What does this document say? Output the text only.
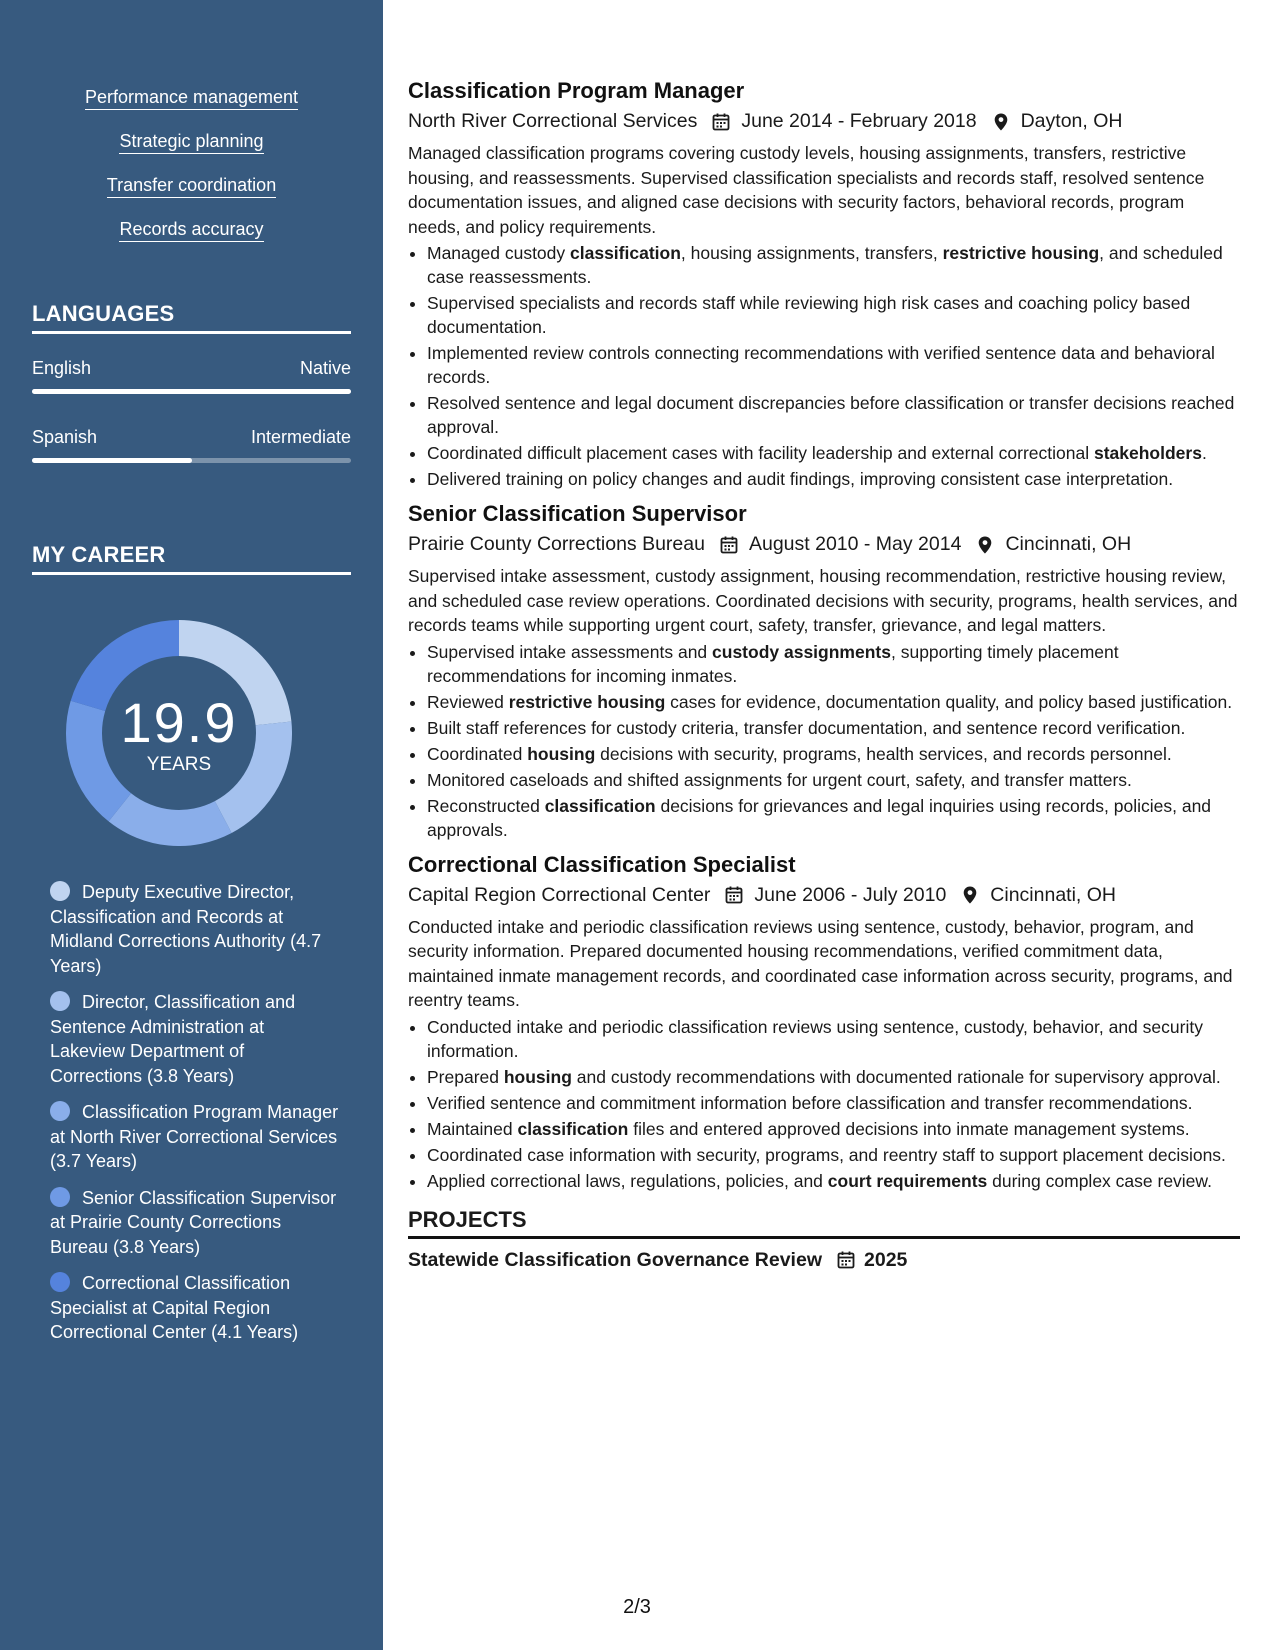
Performance management
Strategic planning
Transfer coordination
Records accuracy
LANGUAGES
English	Native
Spanish	Intermediate
MY CAREER
19.9
YEARS
Deputy Executive Director, Classification and Records at Midland Corrections Authority (4.7 Years)
Director, Classification and Sentence Administration at Lakeview Department of Corrections (3.8 Years)
Classification Program Manager at North River Correctional Services (3.7 Years)
Senior Classification Supervisor at Prairie County Corrections Bureau (3.8 Years)
Correctional Classification Specialist at Capital Region Correctional Center (4.1 Years)
Classification Program Manager
North River Correctional Services June 2014 - February 2018 Dayton, OH
Managed classification programs covering custody levels, housing assignments, transfers, restrictive housing, and reassessments. Supervised classification specialists and records staff, resolved sentence documentation issues, and aligned case decisions with security factors, behavioral records, program needs, and policy requirements.
• Managed custody classification, housing assignments, transfers, restrictive housing, and scheduled case reassessments.
• Supervised specialists and records staff while reviewing high risk cases and coaching policy based documentation.
• Implemented review controls connecting recommendations with verified sentence data and behavioral records.
• Resolved sentence and legal document discrepancies before classification or transfer decisions reached approval.
• Coordinated difficult placement cases with facility leadership and external correctional stakeholders.
• Delivered training on policy changes and audit findings, improving consistent case interpretation.
Senior Classification Supervisor
Prairie County Corrections Bureau August 2010 - May 2014 Cincinnati, OH
Supervised intake assessment, custody assignment, housing recommendation, restrictive housing review, and scheduled case review operations. Coordinated decisions with security, programs, health services, and records teams while supporting urgent court, safety, transfer, grievance, and legal matters.
• Supervised intake assessments and custody assignments, supporting timely placement recommendations for incoming inmates.
• Reviewed restrictive housing cases for evidence, documentation quality, and policy based justification.
• Built staff references for custody criteria, transfer documentation, and sentence record verification.
• Coordinated housing decisions with security, programs, health services, and records personnel.
• Monitored caseloads and shifted assignments for urgent court, safety, and transfer matters.
• Reconstructed classification decisions for grievances and legal inquiries using records, policies, and approvals.
Correctional Classification Specialist
Capital Region Correctional Center June 2006 - July 2010 Cincinnati, OH
Conducted intake and periodic classification reviews using sentence, custody, behavior, program, and security information. Prepared documented housing recommendations, verified commitment data, maintained inmate management records, and coordinated case information across security, programs, and reentry teams.
• Conducted intake and periodic classification reviews using sentence, custody, behavior, and security information.
• Prepared housing and custody recommendations with documented rationale for supervisory approval.
• Verified sentence and commitment information before classification and transfer recommendations.
• Maintained classification files and entered approved decisions into inmate management systems.
• Coordinated case information with security, programs, and reentry staff to support placement decisions.
• Applied correctional laws, regulations, policies, and court requirements during complex case review.
PROJECTS
Statewide Classification Governance Review 2025
2/3
